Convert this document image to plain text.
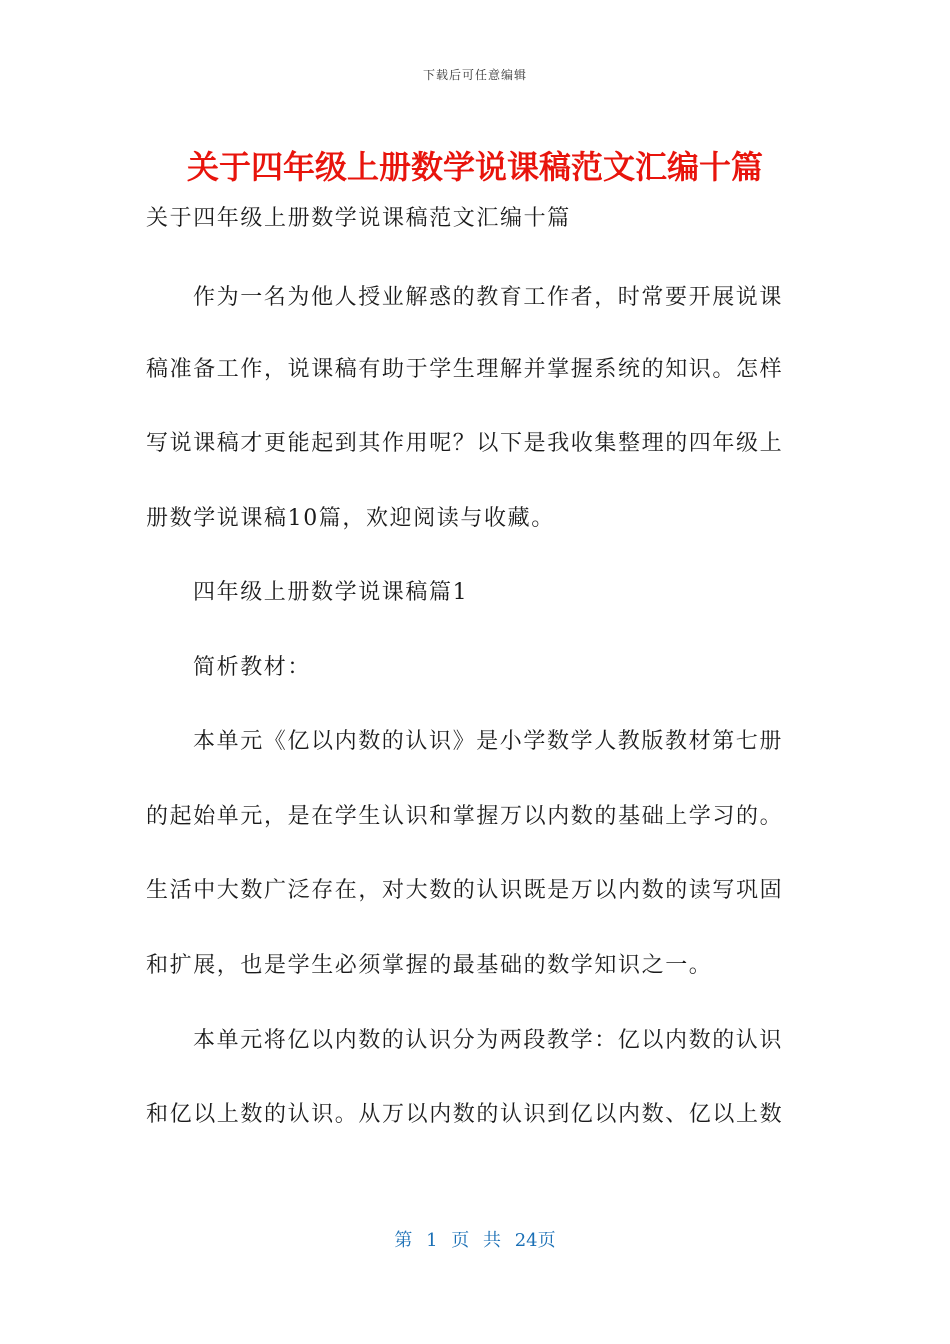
下载后可任意编辑
关于四年级上册数学说课稿范文汇编十篇
关于四年级上册数学说课稿范文汇编十篇
作为一名为他人授业解惑的教育工作者，时常要开展说课
稿准备工作，说课稿有助于学生理解并掌握系统的知识。怎样
写说课稿才更能起到其作用呢？以下是我收集整理的四年级上
册数学说课稿10篇，欢迎阅读与收藏。
四年级上册数学说课稿篇1
简析教材：
本单元《亿以内数的认识》是小学数学人教版教材第七册
的起始单元，是在学生认识和掌握万以内数的基础上学习的。
生活中大数广泛存在，对大数的认识既是万以内数的读写巩固
和扩展，也是学生必须掌握的最基础的数学知识之一。
本单元将亿以内数的认识分为两段教学：亿以内数的认识
和亿以上数的认识。从万以内数的认识到亿以内数、亿以上数
第 1 页 共 24页
